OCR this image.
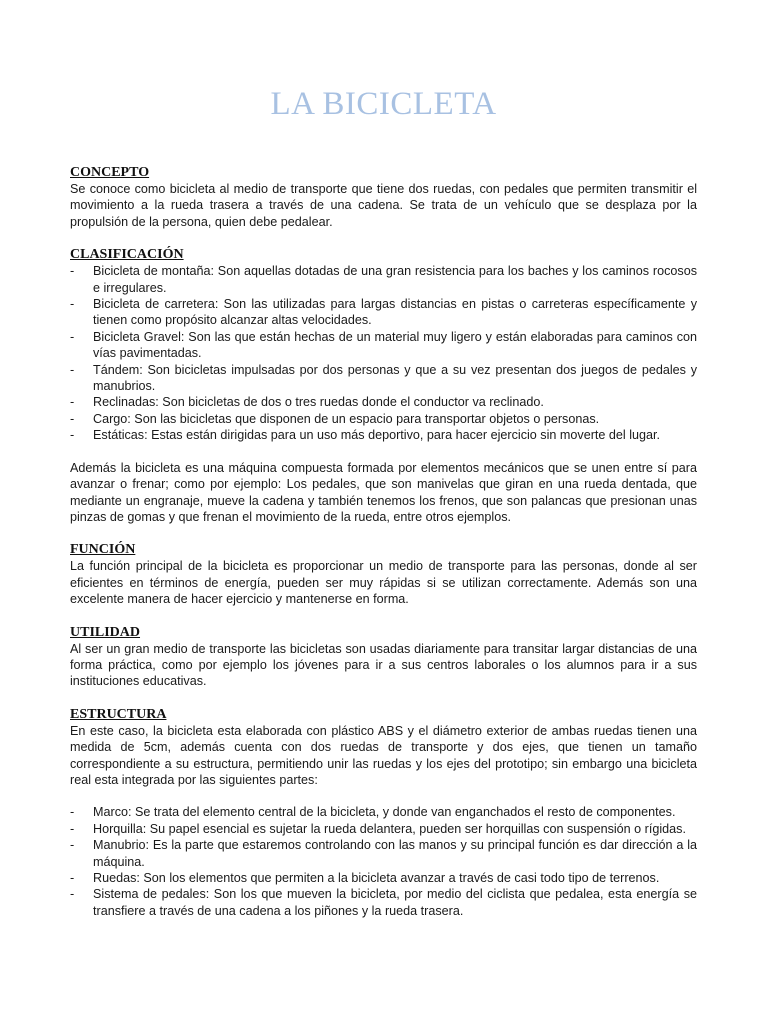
LA BICICLETA
CONCEPTO

Se conoce como bicicleta al medio de transporte que tiene dos ruedas, con pedales que permiten transmitir el movimiento a la rueda trasera a través de una cadena. Se trata de un vehículo que se desplaza por la propulsión de la persona, quien debe pedalear.

CLASIFICACIÓN
- Bicicleta de montaña: Son aquellas dotadas de una gran resistencia para los baches y los caminos rocosos e irregulares.
- Bicicleta de carretera: Son las utilizadas para largas distancias en pistas o carreteras específicamente y tienen como propósito alcanzar altas velocidades.
- Bicicleta Gravel: Son las que están hechas de un material muy ligero y están elaboradas para caminos con vías pavimentadas.
- Tándem: Son bicicletas impulsadas por dos personas y que a su vez presentan dos juegos de pedales y manubrios.
- Reclinadas: Son bicicletas de dos o tres ruedas donde el conductor va reclinado.
- Cargo: Son las bicicletas que disponen de un espacio para transportar objetos o personas.
- Estáticas: Estas están dirigidas para un uso más deportivo, para hacer ejercicio sin moverte del lugar.

Además la bicicleta es una máquina compuesta formada por elementos mecánicos que se unen entre sí para avanzar o frenar; como por ejemplo: Los pedales, que son manivelas que giran en una rueda dentada, que mediante un engranaje, mueve la cadena y también tenemos los frenos, que son palancas que presionan unas pinzas de gomas y que frenan el movimiento de la rueda, entre otros ejemplos.

FUNCIÓN

La función principal de la bicicleta es proporcionar un medio de transporte para las personas, donde al ser eficientes en términos de energía, pueden ser muy rápidas si se utilizan correctamente. Además son una excelente manera de hacer ejercicio y mantenerse en forma.

UTILIDAD

Al ser un gran medio de transporte las bicicletas son usadas diariamente para transitar largar distancias de una forma práctica, como por ejemplo los jóvenes para ir a sus centros laborales o los alumnos para ir a sus instituciones educativas.

ESTRUCTURA

En este caso, la bicicleta esta elaborada con plástico ABS y el diámetro exterior de ambas ruedas tienen una medida de 5cm, además cuenta con dos ruedas de transporte y dos ejes, que tienen un tamaño correspondiente a su estructura, permitiendo unir las ruedas y los ejes del prototipo; sin embargo una bicicleta real esta integrada por las siguientes partes:

- Marco: Se trata del elemento central de la bicicleta, y donde van enganchados el resto de componentes.
- Horquilla: Su papel esencial es sujetar la rueda delantera, pueden ser horquillas con suspensión o rígidas.
- Manubrio: Es la parte que estaremos controlando con las manos y su principal función es dar dirección a la máquina.
- Ruedas: Son los elementos que permiten a la bicicleta avanzar a través de casi todo tipo de terrenos.
- Sistema de pedales: Son los que mueven la bicicleta, por medio del ciclista que pedalea, esta energía se transfiere a través de una cadena a los piñones y la rueda trasera.
